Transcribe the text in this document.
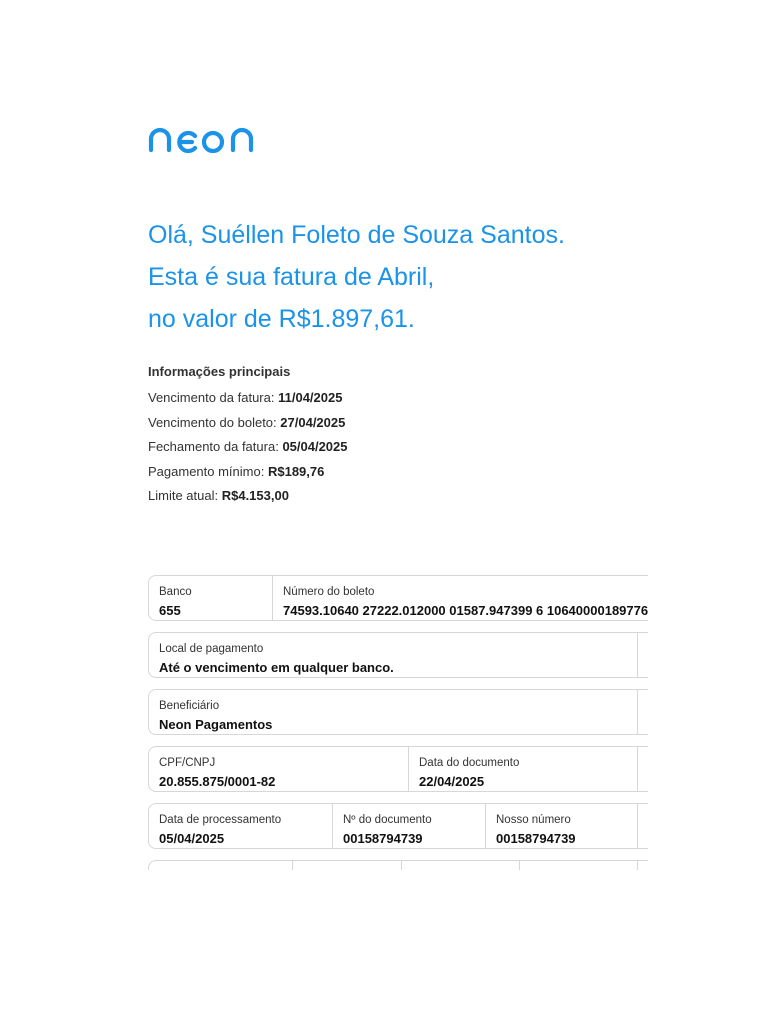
Olá, Suéllen Foleto de Souza Santos.
Esta é sua fatura de Abril,
no valor de R$1.897,61.
Informações principais
Vencimento da fatura: 11/04/2025
Vencimento do boleto: 27/04/2025
Fechamento da fatura: 05/04/2025
Pagamento mínimo: R$189,76
Limite atual: R$4.153,00
Banco
655
Número do boleto
74593.10640 27222.012000 01587.947399 6 10640000189776
Local de pagamento
Até o vencimento em qualquer banco.
Beneficiário
Neon Pagamentos
CPF/CNPJ
20.855.875/0001-82
Data do documento
22/04/2025
Data de processamento
05/04/2025
Nº do documento
00158794739
Nosso número
00158794739
